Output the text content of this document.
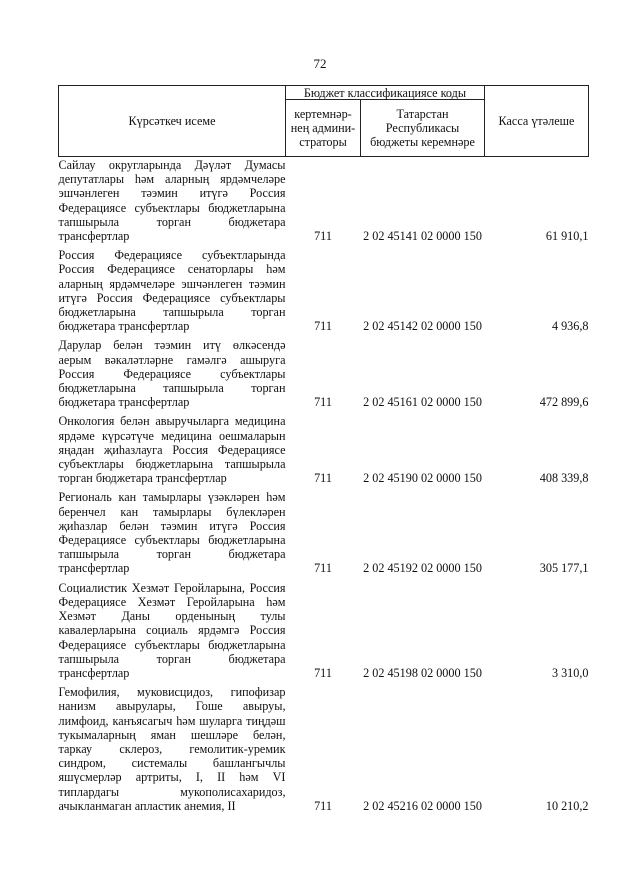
72
Күрсәткеч исеме	Бюджет классификациясе коды		Касса үтәлеше
	кертемнәр-нең админи-страторы	Татарстан Республикасы бюджеты керемнәре	
Сайлау округларында Дәүләт Думасы депутатлары һәм аларның ярдәмчеләре эшчәнлеген тәэмин итүгә Россия Федерациясе субъектлары бюджетларына тапшырыла торган бюджетара трансфертлар	711	2 02 45141 02 0000 150	61 910,1
Россия Федерациясе субъектларында Россия Федерациясе сенаторлары һәм аларның ярдәмчеләре эшчәнлеген тәэмин итүгә Россия Федерациясе субъектлары бюджетларына тапшырыла торган бюджетара трансфертлар	711	2 02 45142 02 0000 150	4 936,8
Дарулар белән тәэмин итү өлкәсендә аерым вәкаләтләрне гамәлгә ашыруга Россия Федерациясе субъектлары бюджетларына тапшырыла торган бюджетара трансфертлар	711	2 02 45161 02 0000 150	472 899,6
Онкология белән авыручыларга медицина ярдәме күрсәтүче медицина оешмаларын яңадан җиһазлауга Россия Федерациясе субъектлары бюджетларына тапшырыла торган бюджетара трансфертлар	711	2 02 45190 02 0000 150	408 339,8
Региональ кан тамырлары үзәкләрен һәм беренчел кан тамырлары бүлекләрен җиһазлар белән тәэмин итүгә Россия Федерациясе субъектлары бюджетларына тапшырыла торган бюджетара трансфертлар	711	2 02 45192 02 0000 150	305 177,1
Социалистик Хезмәт Геройларына, Россия Федерациясе Хезмәт Геройларына һәм Хезмәт Даны орденының тулы кавалерларына социаль ярдәмгә Россия Федерациясе субъектлары бюджетларына тапшырыла торган бюджетара трансфертлар	711	2 02 45198 02 0000 150	3 310,0
Гемофилия, муковисцидоз, гипофизар нанизм авырулары, Гоше авыруы, лимфоид, канъясагыч һәм шуларга тиңдәш тукымаларның яман шешләре белән, таркау склероз, гемолитик-уремик синдром, системалы башлангычлы яшүсмерләр артриты, I, II һәм VI типлардагы мукополисахаридоз, ачыкланмаган апластик анемия, II	711	2 02 45216 02 0000 150	10 210,2
